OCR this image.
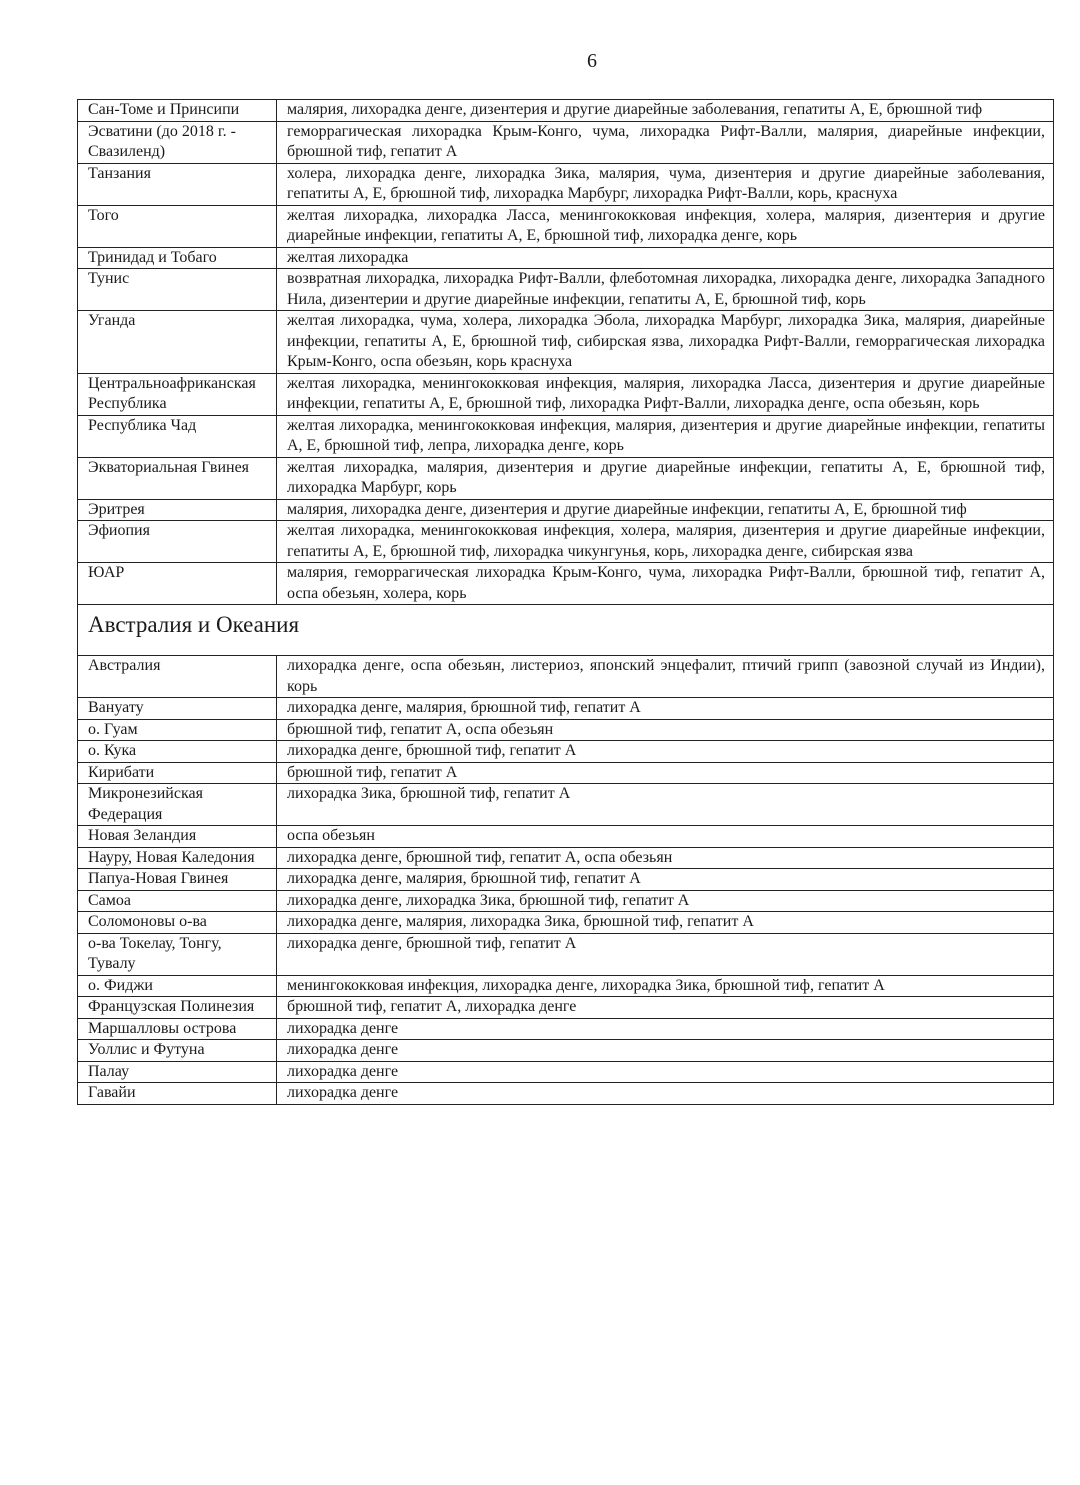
6
Сан-Томе и Принсипи	малярия, лихорадка денге, дизентерия и другие диарейные заболевания, гепатиты А, Е, брюшной тиф
Эсватини (до 2018 г. - Свазиленд)	геморрагическая лихорадка Крым-Конго, чума, лихорадка Рифт-Валли, малярия, диарейные инфекции, брюшной тиф, гепатит А
Танзания	холера, лихорадка денге, лихорадка Зика, малярия, чума, дизентерия и другие диарейные заболевания, гепатиты А, Е, брюшной тиф, лихорадка Марбург, лихорадка Рифт-Валли, корь, краснуха
Того	желтая лихорадка, лихорадка Ласса, менингококковая инфекция, холера, малярия, дизентерия и другие диарейные инфекции, гепатиты А, Е, брюшной тиф, лихорадка денге, корь
Тринидад и Тобаго	желтая лихорадка
Тунис	возвратная лихорадка, лихорадка Рифт-Валли, флеботомная лихорадка, лихорадка денге, лихорадка Западного Нила, дизентерии и другие диарейные инфекции, гепатиты А, Е, брюшной тиф, корь
Уганда	желтая лихорадка, чума, холера, лихорадка Эбола, лихорадка Марбург, лихорадка Зика, малярия, диарейные инфекции, гепатиты А, Е, брюшной тиф, сибирская язва, лихорадка Рифт-Валли, геморрагическая лихорадка Крым-Конго, оспа обезьян, корь краснуха
Центральноафриканская Республика	желтая лихорадка, менингококковая инфекция, малярия, лихорадка Ласса, дизентерия и другие диарейные инфекции, гепатиты А, Е, брюшной тиф, лихорадка Рифт-Валли, лихорадка денге, оспа обезьян, корь
Республика Чад	желтая лихорадка, менингококковая инфекция, малярия, дизентерия и другие диарейные инфекции, гепатиты А, Е, брюшной тиф, лепра, лихорадка денге, корь
Экваториальная Гвинея	желтая лихорадка, малярия, дизентерия и другие диарейные инфекции, гепатиты А, Е, брюшной тиф, лихорадка Марбург, корь
Эритрея	малярия, лихорадка денге, дизентерия и другие диарейные инфекции, гепатиты А, Е, брюшной тиф
Эфиопия	желтая лихорадка, менингококковая инфекция, холера, малярия, дизентерия и другие диарейные инфекции, гепатиты А, Е, брюшной тиф, лихорадка чикунгунья, корь, лихорадка денге, сибирская язва
ЮАР	малярия, геморрагическая лихорадка Крым-Конго, чума, лихорадка Рифт-Валли, брюшной тиф, гепатит А, оспа обезьян, холера, корь
Австралия и Океания	
Австралия	лихорадка денге, оспа обезьян, листериоз, японский энцефалит, птичий грипп (завозной случай из Индии), корь
Вануату	лихорадка денге, малярия, брюшной тиф, гепатит А
о. Гуам	брюшной тиф, гепатит А, оспа обезьян
о. Кука	лихорадка денге, брюшной тиф, гепатит А
Кирибати	брюшной тиф, гепатит А
Микронезийская Федерация	лихорадка Зика, брюшной тиф, гепатит А
Новая Зеландия	оспа обезьян
Науру, Новая Каледония	лихорадка денге, брюшной тиф, гепатит А, оспа обезьян
Папуа-Новая Гвинея	лихорадка денге, малярия, брюшной тиф, гепатит А
Самоа	лихорадка денге, лихорадка Зика, брюшной тиф, гепатит А
Соломоновы о-ва	лихорадка денге, малярия, лихорадка Зика, брюшной тиф, гепатит А
о-ва Токелау, Тонгу, Тувалу	лихорадка денге, брюшной тиф, гепатит А
о. Фиджи	менингококковая инфекция, лихорадка денге, лихорадка Зика, брюшной тиф, гепатит А
Французская Полинезия	брюшной тиф, гепатит А, лихорадка денге
Маршалловы острова	лихорадка денге
Уоллис и Футуна	лихорадка денге
Палау	лихорадка денге
Гавайи	лихорадка денге
